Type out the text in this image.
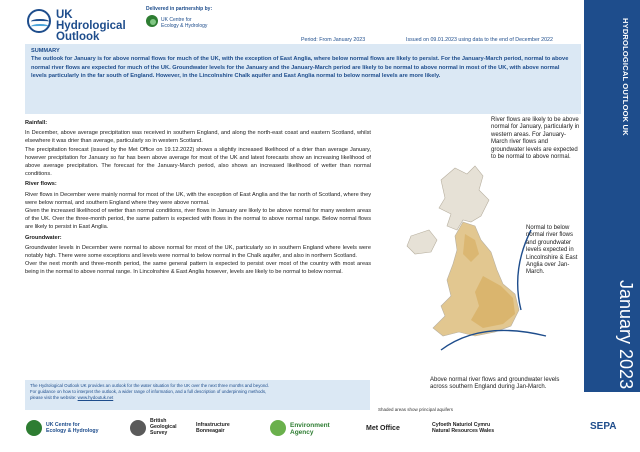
UK Hydrological
Outlook
Delivered in partnership by:
UK Centre for
Ecology & Hydrology
Period: From January 2023	Issued on 09.01.2023 using data to the end of December 2022	HYDROLOGICAL OUTLOOK UK
January 2023
SUMMARY
The outlook for January is for above normal flows for much of the UK, with the exception of East Anglia, where below normal flows are likely to persist. For the January-March period, normal to above normal river flows are expected for much of the UK. Groundwater levels for the January and the January-March period are likely to be normal to above normal in most of the UK, with above normal levels particularly in the far south of England. However, in the Lincolnshire Chalk aquifer and East Anglia normal to below normal levels are more likely.
Rainfall:
In December, above average precipitation was received in southern England, and along the north-east coast and eastern Scotland, whilst elsewhere it was drier than average, particularly so in western Scotland.
The precipitation forecast (issued by the Met Office on 19.12.2022) shows a slightly increased likelihood of a drier than average January, however precipitation for January so far has been above average for most of the UK and latest forecasts show an increasing likelihood of above average precipitation. The forecast for the January-March period, also shows an increased likelihood of wetter than normal conditions.
River flows:
River flows in December were mainly normal for most of the UK, with the exception of East Anglia and the far north of Scotland, where they were below normal, and southern England where they were above normal.
Given the increased likelihood of wetter than normal conditions, river flows in January are likely to be above normal for many western areas of the UK. Over the three-month period, the same pattern is expected with flows in the normal to above normal range. Below normal flows are likely to persist in East Anglia.
Groundwater:
Groundwater levels in December were normal to above normal for most of the UK, particularly so in southern England where levels were notably high. There were some exceptions and levels were normal to below normal in the Chalk aquifer, and also in northern Scotland.
Over the next month and three-month period, the same general pattern is expected to persist over most of the country with most areas being in the normal to above normal range. In Lincolnshire & East Anglia however, levels are likely to be normal to below normal.
River flows are likely to be above normal for January, particularly in western areas. For January-March river flows and groundwater levels are expected to be normal to above normal.
Normal to below normal river flows and groundwater levels expected in Lincolnshire & East Anglia over Jan-March.
Above normal river flows and groundwater levels across southern England during Jan-March.
Shaded areas show principal aquifers
The Hydrological Outlook UK provides an outlook for the water situation for the UK over the next three months and beyond.
For guidance on how to interpret the outlook, a wider range of information, and a full description of underpinning methods,
please visit the website: www.hydoutuk.net
UK Centre for
Ecology & Hydrology
British
Geological
Survey
Infrastructure
Bonneagair
Environment
Agency
Met Office	Cyfoeth Naturiol Cymru
Natural Resources Wales	SEPA
